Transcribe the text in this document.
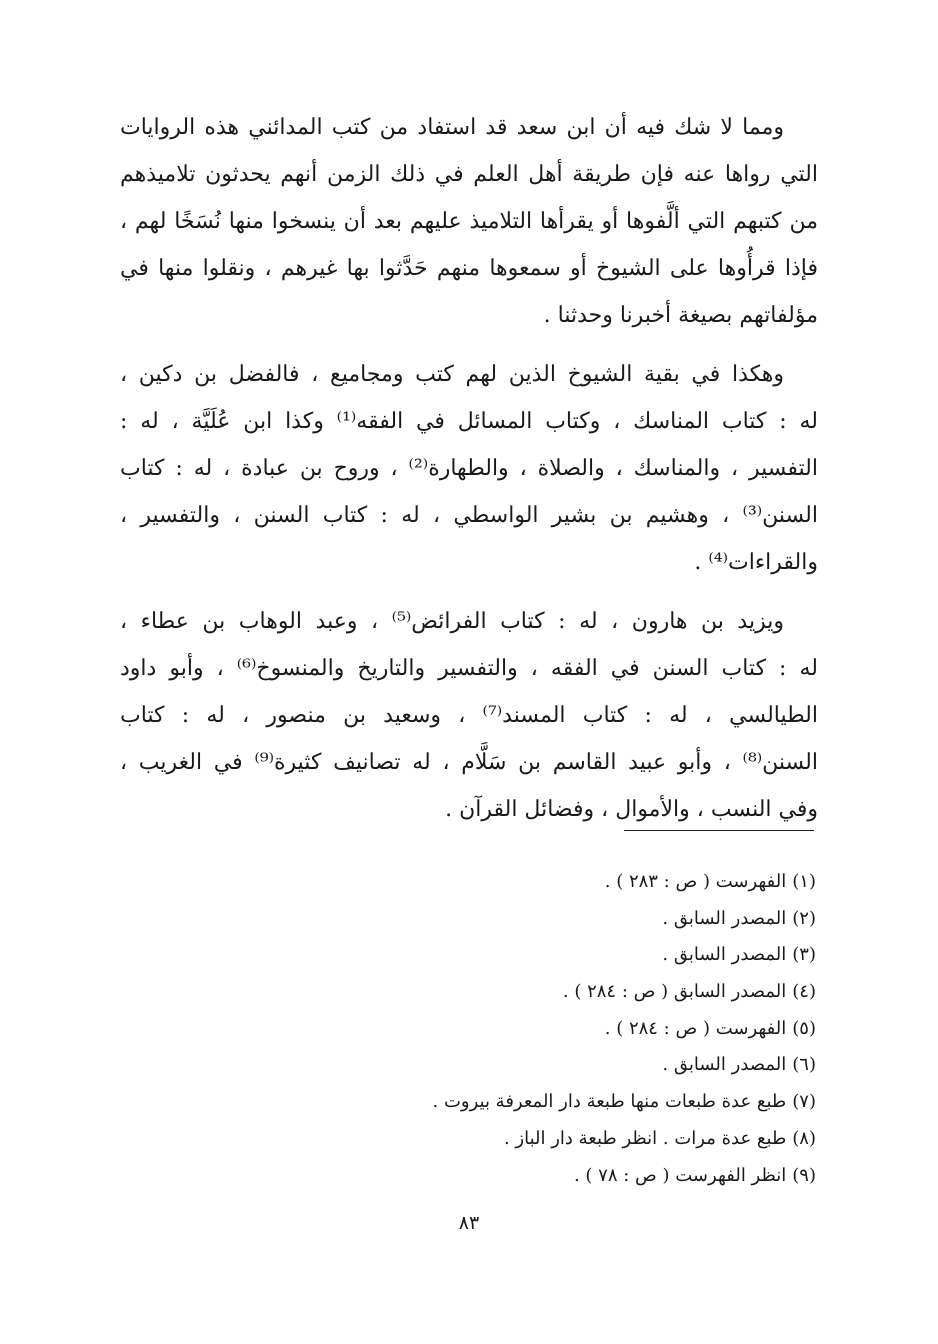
ومما لا شك فيه أن ابن سعد قد استفاد من كتب المدائني هذه الروايات
التي رواها عنه فإن طريقة أهل العلم في ذلك الزمن أنهم يحدثون تلاميذهم
من كتبهم التي ألَّفوها أو يقرأها التلاميذ عليهم بعد أن ينسخوا منها نُسَخًا لهم ،
فإذا قرأُوها على الشيوخ أو سمعوها منهم حَدَّثوا بها غيرهم ، ونقلوا منها في
مؤلفاتهم بصيغة أخبرنا وحدثنا .
وهكذا في بقية الشيوخ الذين لهم كتب ومجاميع ، فالفضل بن دكين ،
له : كتاب المناسك ، وكتاب المسائل في الفقه⁽¹⁾ وكذا ابن عُلَيَّة ، له :
التفسير ، والمناسك ، والصلاة ، والطهارة⁽²⁾ ، وروح بن عبادة ، له : كتاب
السنن⁽³⁾ ، وهشيم بن بشير الواسطي ، له : كتاب السنن ، والتفسير ،
والقراءات⁽⁴⁾ .
ويزيد بن هارون ، له : كتاب الفرائض⁽⁵⁾ ، وعبد الوهاب بن عطاء ،
له : كتاب السنن في الفقه ، والتفسير والتاريخ والمنسوخ⁽⁶⁾ ، وأبو داود
الطيالسي ، له : كتاب المسند⁽⁷⁾ ، وسعيد بن منصور ، له : كتاب
السنن⁽⁸⁾ ، وأبو عبيد القاسم بن سَلَّام ، له تصانيف كثيرة⁽⁹⁾ في الغريب ،
وفي النسب ، والأموال ، وفضائل القرآن .
(١)الفهرست ( ص : ٢٨٣ ) .
(٢)المصدر السابق .
(٣)المصدر السابق .
(٤)المصدر السابق ( ص : ٢٨٤ ) .
(٥)الفهرست ( ص : ٢٨٤ ) .
(٦)المصدر السابق .
(٧)طبع عدة طبعات منها طبعة دار المعرفة بيروت .
(٨)طبع عدة مرات . انظر طبعة دار الباز .
(٩)انظر الفهرست ( ص : ٧٨ ) .
٨٣
